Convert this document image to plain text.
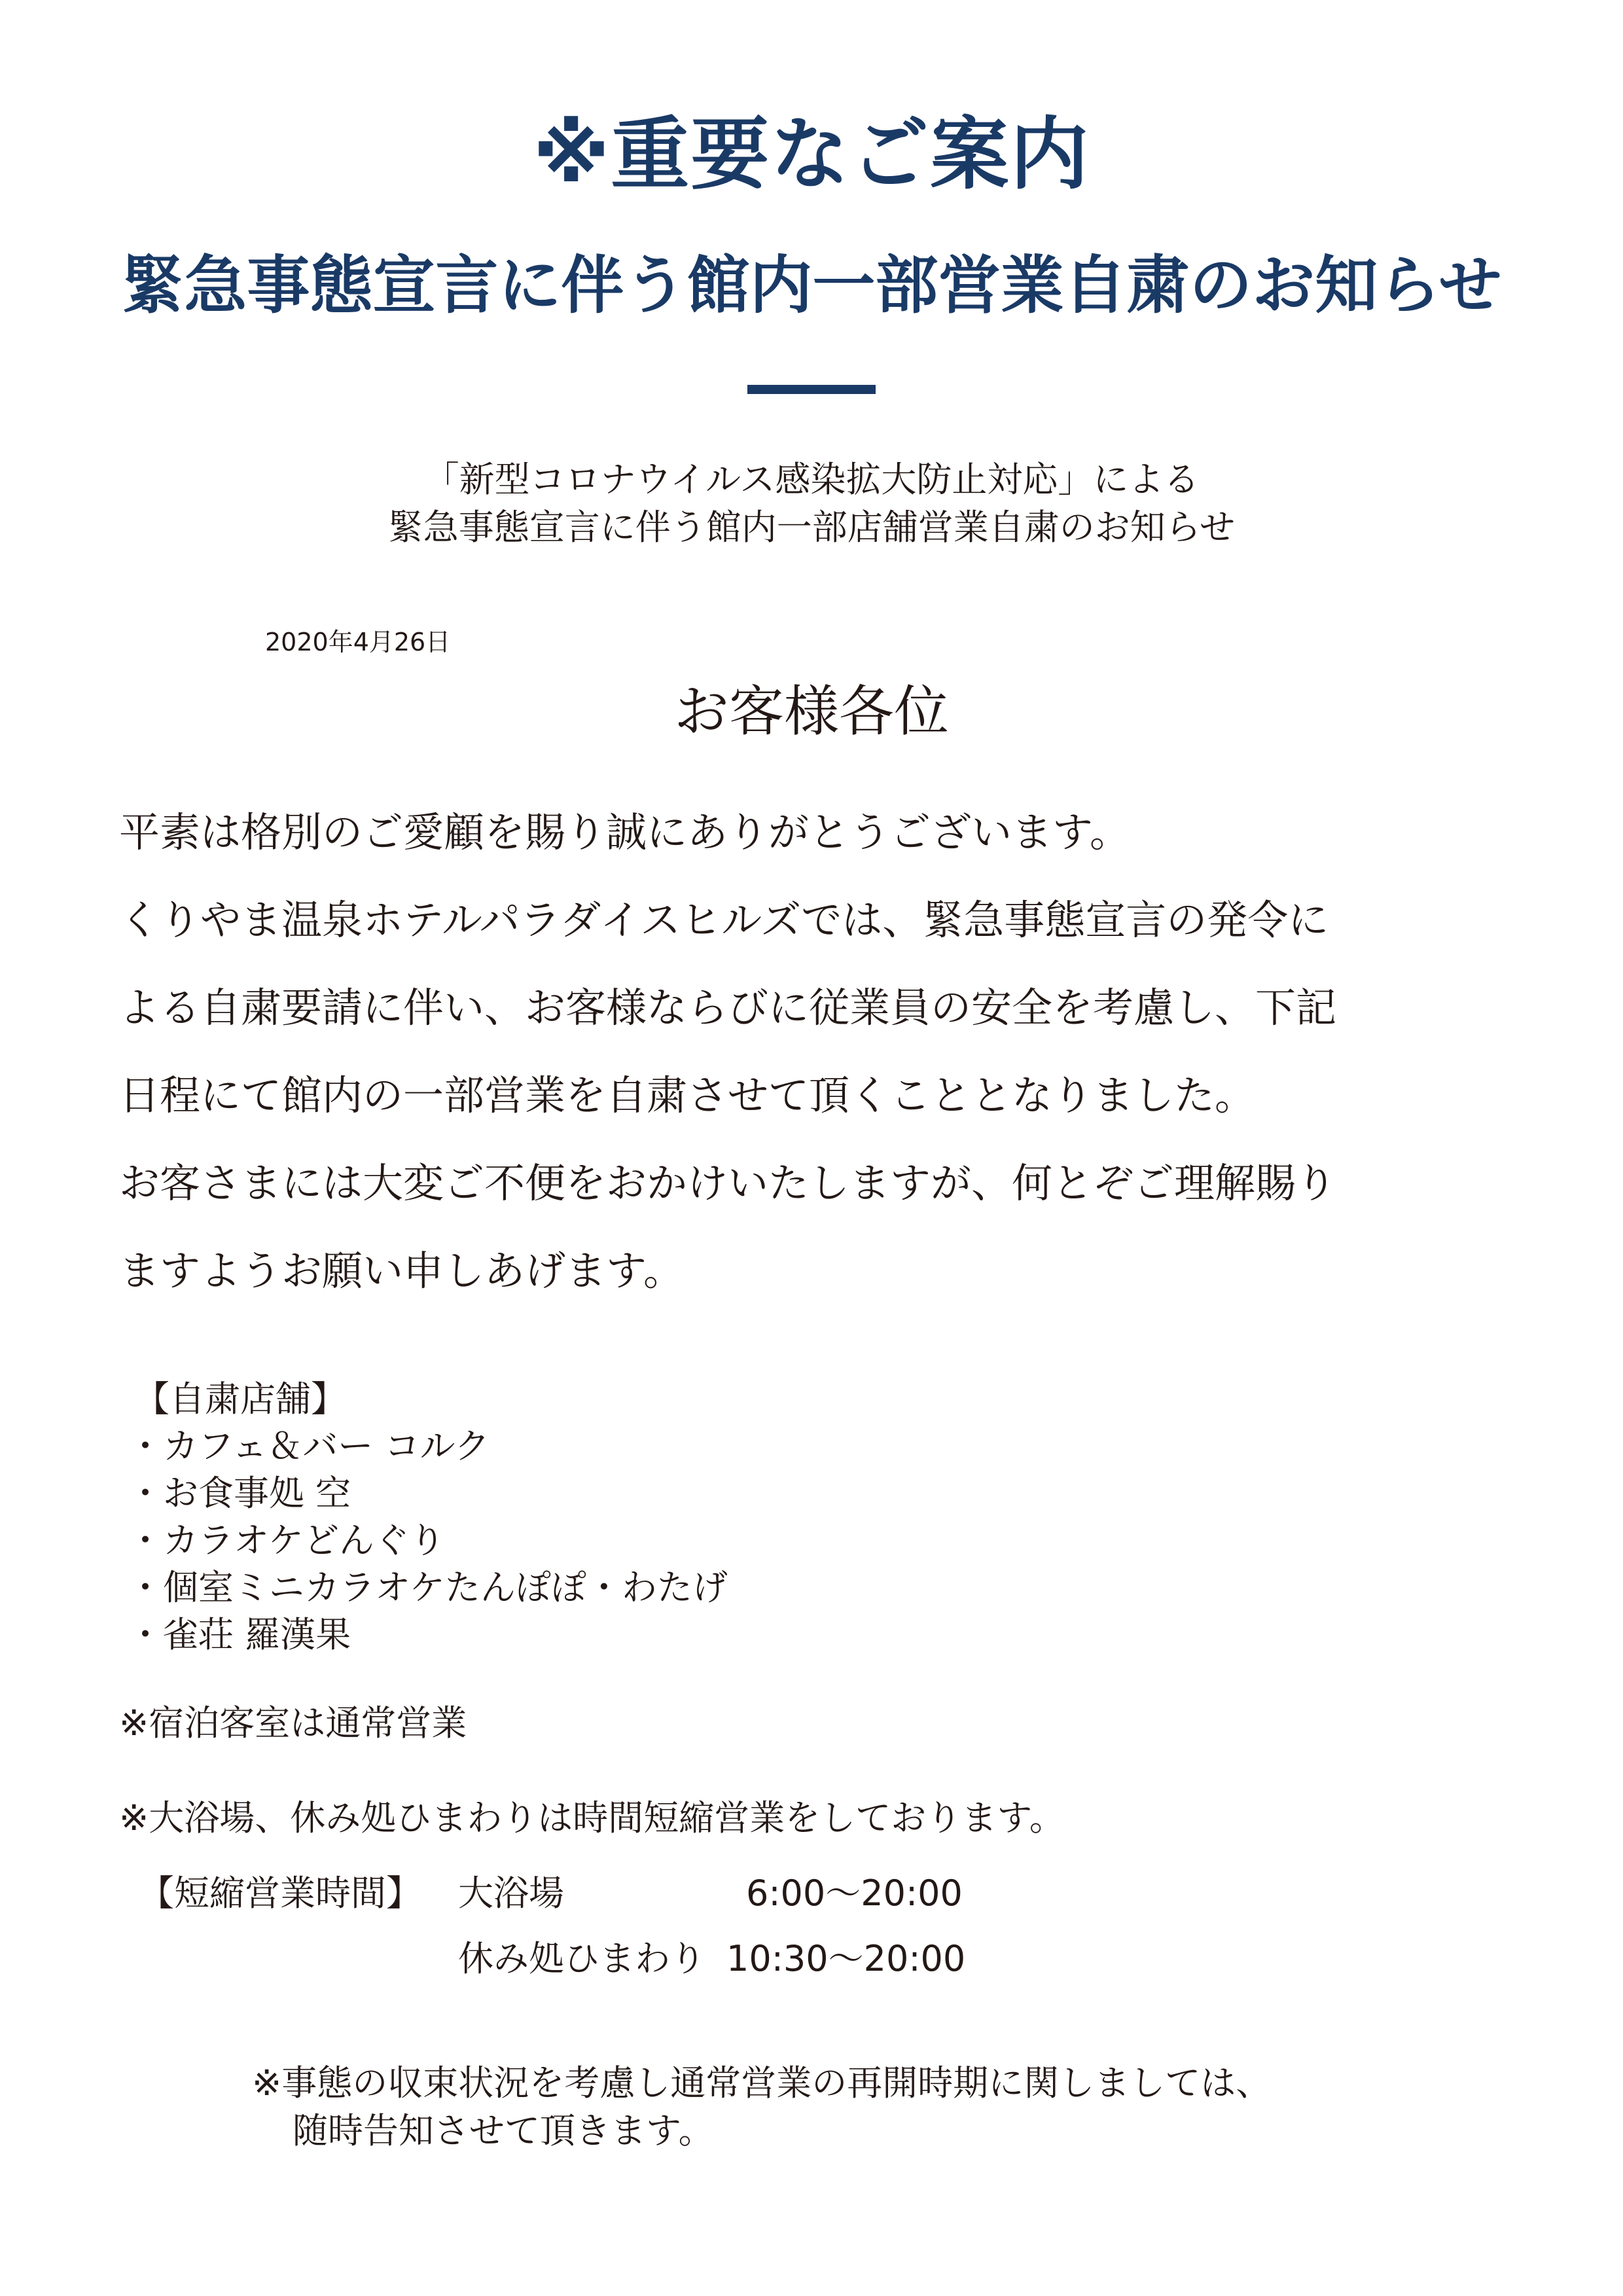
※重要なご案内
緊急事態宣言に伴う館内一部営業自粛のお知らせ
「新型コロナウイルス感染拡大防止対応」による
緊急事態宣言に伴う館内一部店舗営業自粛のお知らせ
2020年4月26日
お客様各位
平素は格別のご愛顧を賜り誠にありがとうございます。
くりやま温泉ホテルパラダイスヒルズでは、緊急事態宣言の発令に
よる自粛要請に伴い、お客様ならびに従業員の安全を考慮し、下記
日程にて館内の一部営業を自粛させて頂くこととなりました。
お客さまには大変ご不便をおかけいたしますが、何とぞご理解賜り
ますようお願い申しあげます。
【自粛店舗】
・カフェ＆バー コルク
・お食事処 空
・カラオケどんぐり
・個室ミニカラオケたんぽぽ・わたげ
・雀荘 羅漢果
※宿泊客室は通常営業
※大浴場、休み処ひまわりは時間短縮営業をしております。
【短縮営業時間】 大浴場	6:00〜20:00
休み処ひまわり 10:30〜20:00
※事態の収束状況を考慮し通常営業の再開時期に関しましては、
随時告知させて頂きます。
